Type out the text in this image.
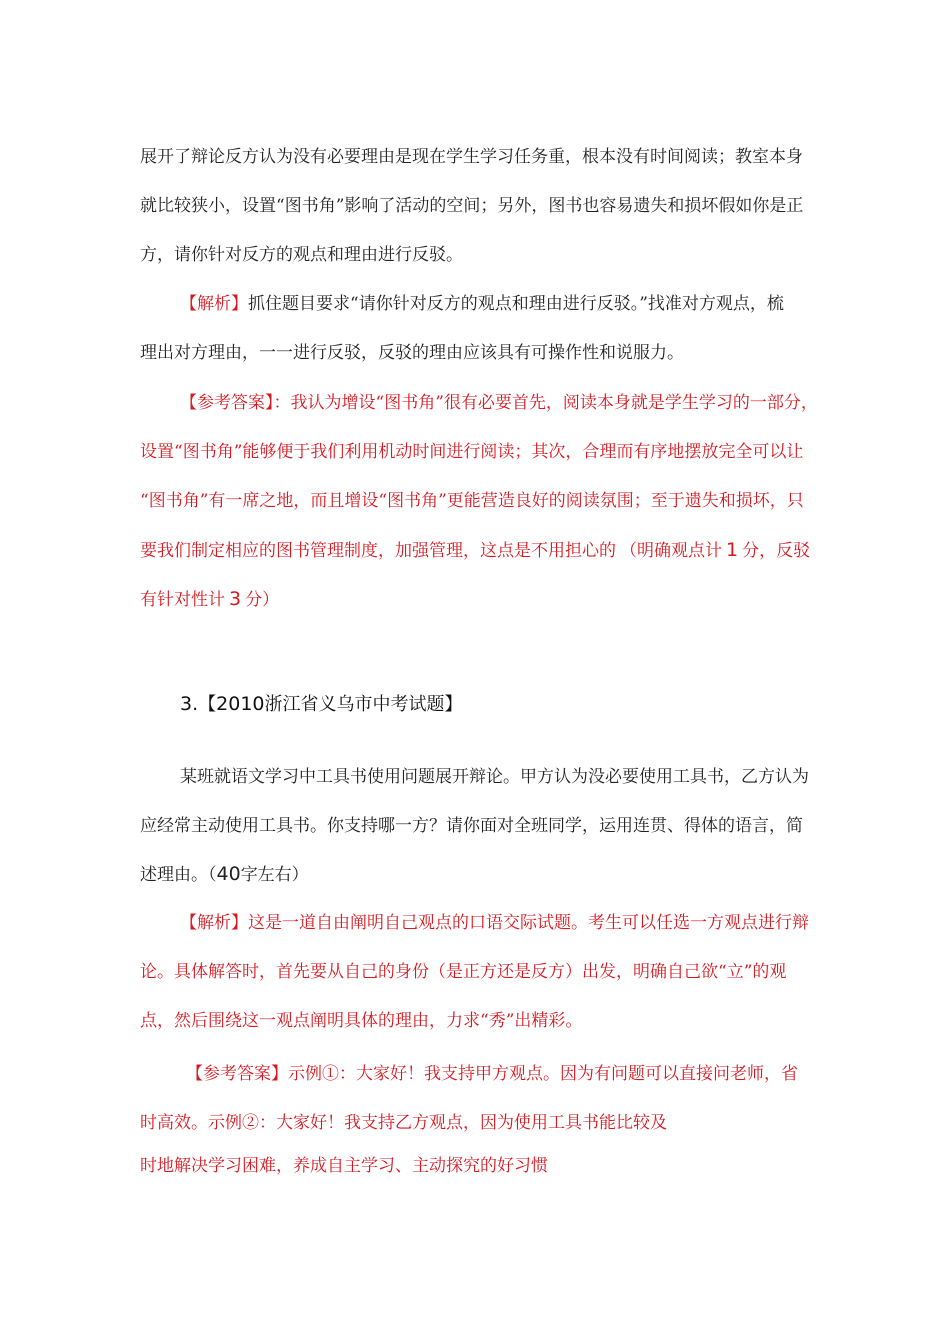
展开了辩论反方认为没有必要理由是现在学生学习任务重，根本没有时间阅读；教室本身
就比较狭小，设置“图书角”影响了活动的空间；另外，图书也容易遗失和损坏假如你是正
方，请你针对反方的观点和理由进行反驳。
【解析】抓住题目要求“请你针对反方的观点和理由进行反驳。”找准对方观点，梳
理出对方理由，一一进行反驳，反驳的理由应该具有可操作性和说服力。
【参考答案】：我认为增设“图书角”很有必要首先，阅读本身就是学生学习的一部分，
设置“图书角”能够便于我们利用机动时间进行阅读；其次，合理而有序地摆放完全可以让
“图书角”有一席之地，而且增设“图书角”更能营造良好的阅读氛围；至于遗失和损坏，只
要我们制定相应的图书管理制度，加强管理，这点是不用担心的 （明确观点计 1 分，反驳
有针对性计 3 分）
3.【2010浙江省义乌市中考试题】
某班就语文学习中工具书使用问题展开辩论。甲方认为没必要使用工具书，乙方认为
应经常主动使用工具书。你支持哪一方？请你面对全班同学，运用连贯、得体的语言，简
述理由。（40字左右）
【解析】这是一道自由阐明自己观点的口语交际试题。考生可以任选一方观点进行辩
论。具体解答时，首先要从自己的身份（是正方还是反方）出发，明确自己欲“立”的观
点，然后围绕这一观点阐明具体的理由，力求“秀”出精彩。
【参考答案】示例①：大家好！我支持甲方观点。因为有问题可以直接问老师，省
时高效。示例②：大家好！我支持乙方观点，因为使用工具书能比较及
时地解决学习困难，养成自主学习、主动探究的好习惯
